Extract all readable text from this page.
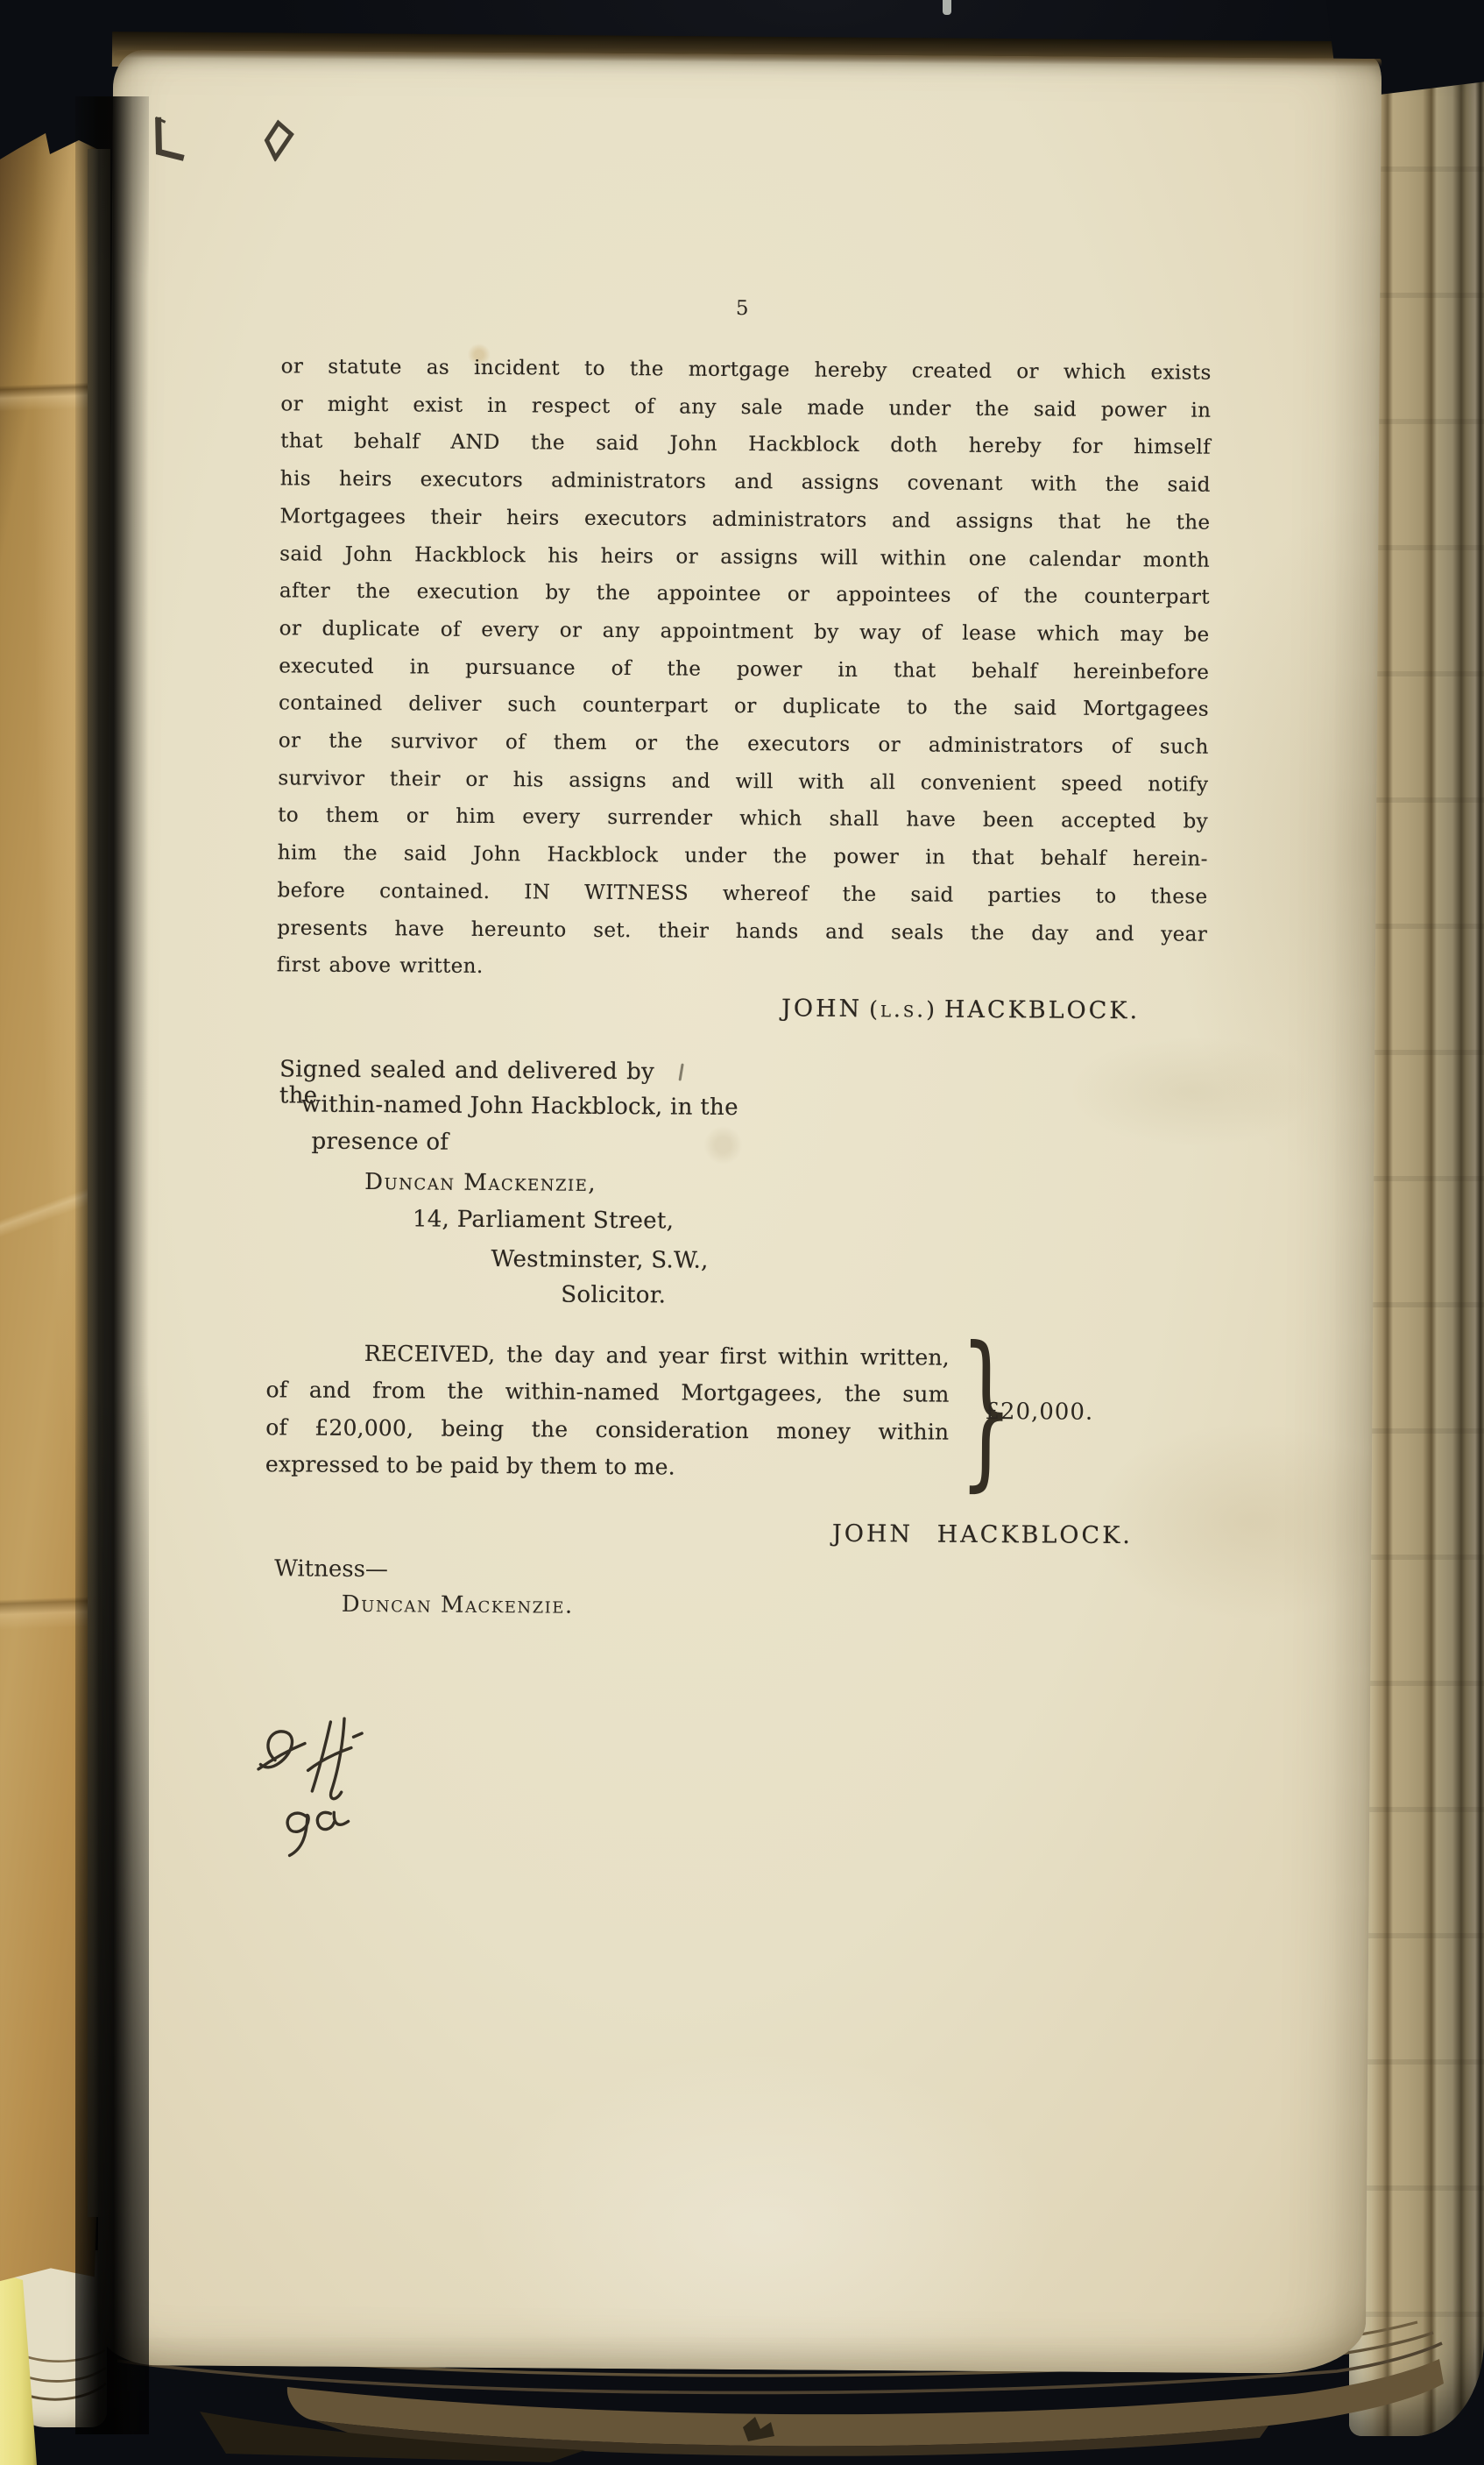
5
or statute as incident to the mortgage hereby created or which exists
or might exist in respect of any sale made under the said power in
that behalf AND the said John Hackblock doth hereby for himself
his heirs executors administrators and assigns covenant with the said
Mortgagees their heirs executors administrators and assigns that he the
said John Hackblock his heirs or assigns will within one calendar month
after the execution by the appointee or appointees of the counterpart
or duplicate of every or any appointment by way of lease which may be
executed in pursuance of the power in that behalf hereinbefore
contained deliver such counterpart or duplicate to the said Mortgagees
or the survivor of them or the executors or administrators of such
survivor their or his assigns and will with all convenient speed notify
to them or him every surrender which shall have been accepted by
him the said John Hackblock under the power in that behalf herein-
before contained. IN WITNESS whereof the said parties to these
presents have hereunto set. their hands and seals the day and year
first above written.
JOHN (l.s.) HACKBLOCK.
Signed sealed and delivered by the
within-named John Hackblock, in the
presence of
Duncan Mackenzie,
14, Parliament Street,
Westminster, S.W.,
Solicitor.
RECEIVED, the day and year first within written,
of and from the within-named Mortgagees, the sum
of £20,000, being the consideration money within
expressed to be paid by them to me.	}
£20,000.
JOHN HACKBLOCK.
Witness—
Duncan Mackenzie.
